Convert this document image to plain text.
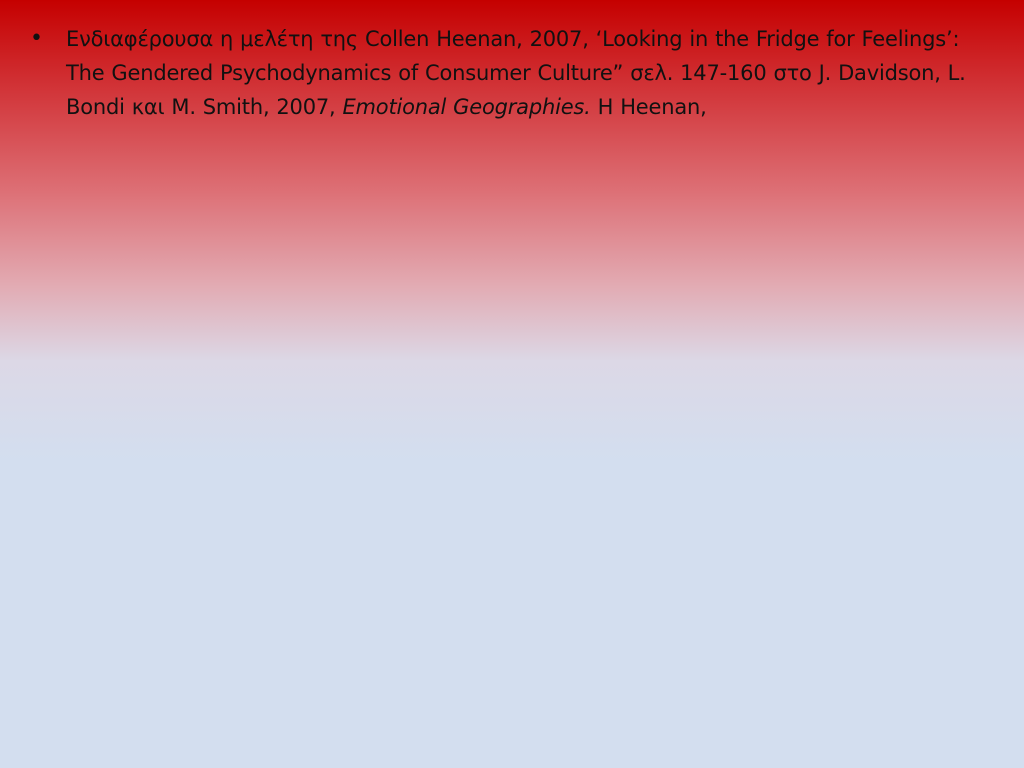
•	Ενδιαφέρουσα η μελέτη της Collen Heenan, 2007, ‘Looking in the Fridge for Feelings’: The Gendered Psychodynamics of Consumer Culture” σελ. 147-160 στο J. Davidson, L. Bondi και M. Smith, 2007, Emotional Geographies. Η Heenan,
